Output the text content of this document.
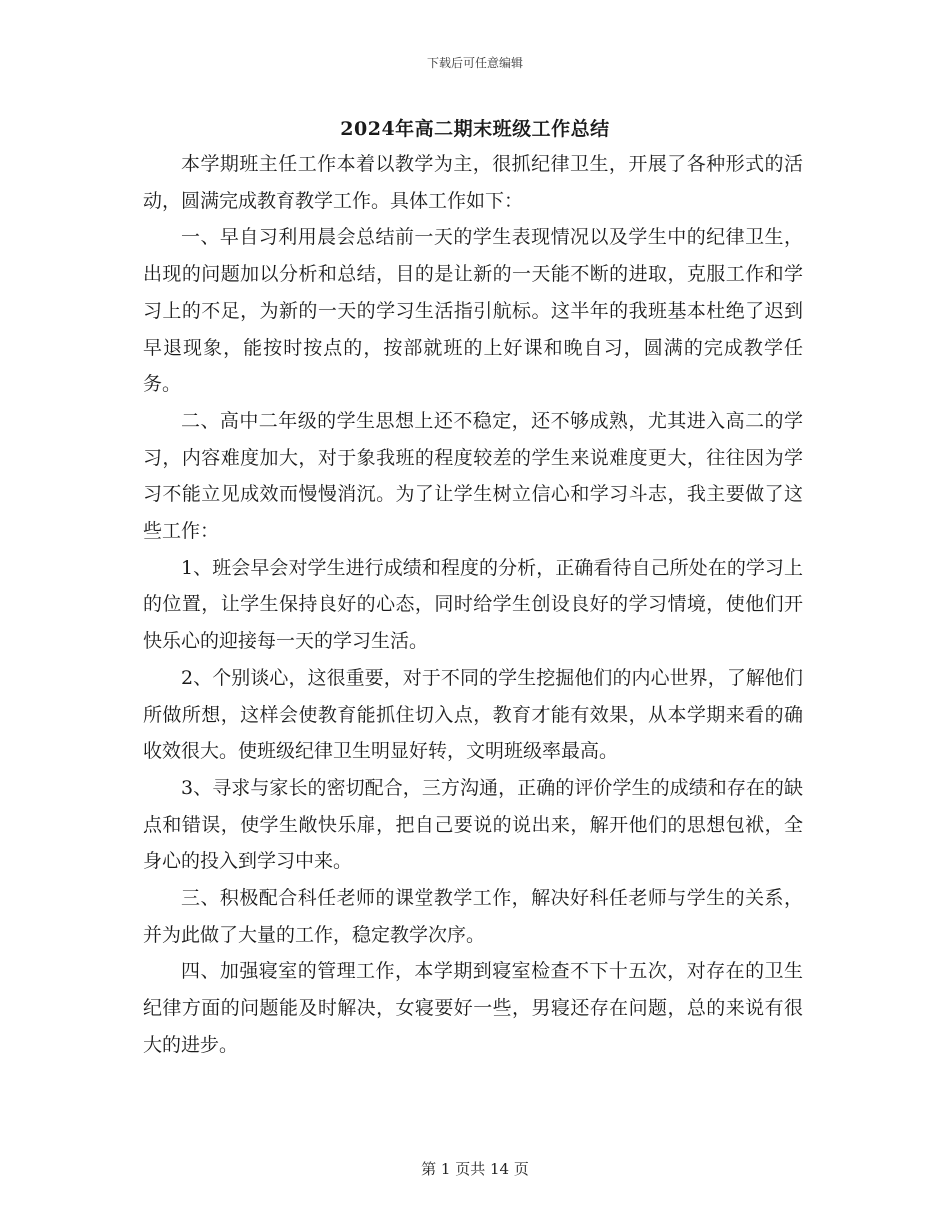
下载后可任意编辑
2024年高二期末班级工作总结

本学期班主任工作本着以教学为主，很抓纪律卫生，开展了各种形式的活动，圆满完成教育教学工作。具体工作如下：

一、早自习利用晨会总结前一天的学生表现情况以及学生中的纪律卫生，出现的问题加以分析和总结，目的是让新的一天能不断的进取，克服工作和学习上的不足，为新的一天的学习生活指引航标。这半年的我班基本杜绝了迟到早退现象，能按时按点的，按部就班的上好课和晚自习，圆满的完成教学任务。

二、高中二年级的学生思想上还不稳定，还不够成熟，尤其进入高二的学习，内容难度加大，对于象我班的程度较差的学生来说难度更大，往往因为学习不能立见成效而慢慢消沉。为了让学生树立信心和学习斗志，我主要做了这些工作：

1、班会早会对学生进行成绩和程度的分析，正确看待自己所处在的学习上的位置，让学生保持良好的心态，同时给学生创设良好的学习情境，使他们开快乐心的迎接每一天的学习生活。

2、个别谈心，这很重要，对于不同的学生挖掘他们的内心世界，了解他们所做所想，这样会使教育能抓住切入点，教育才能有效果，从本学期来看的确收效很大。使班级纪律卫生明显好转，文明班级率最高。

3、寻求与家长的密切配合，三方沟通，正确的评价学生的成绩和存在的缺点和错误，使学生敞快乐扉，把自己要说的说出来，解开他们的思想包袱，全身心的投入到学习中来。

三、积极配合科任老师的课堂教学工作，解决好科任老师与学生的关系，并为此做了大量的工作，稳定教学次序。

四、加强寝室的管理工作，本学期到寝室检查不下十五次，对存在的卫生纪律方面的问题能及时解决，女寝要好一些，男寝还存在问题，总的来说有很大的进步。

第 1 页共 14 页
